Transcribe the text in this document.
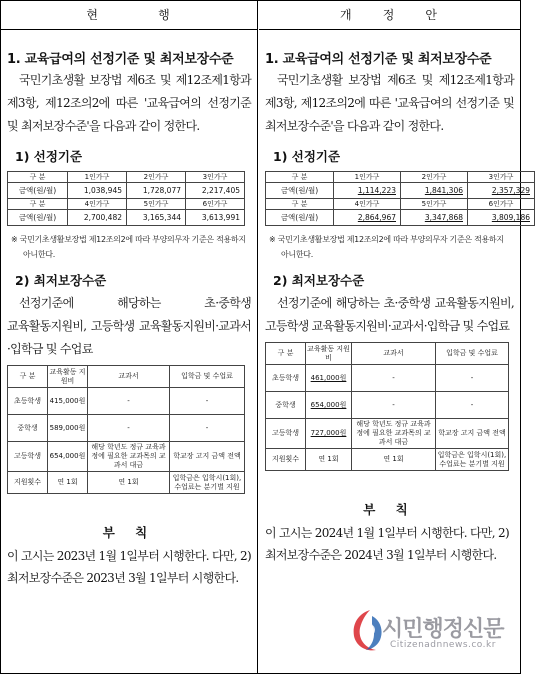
현          행
1. 교육급여의 선정기준 및 최저보장수준
국민기초생활 보장법 제6조 및 제12조제1항과 제3항, 제12조의2에 따른 '교육급여의 선정기준 및 최저보장수준'을 다음과 같이 정한다.
1) 선정기준
구 분	1인가구	2인가구	3인가구
금액(원/월)	1,038,945	1,728,077	2,217,405
구 분	4인가구	5인가구	6인가구
금액(원/월)	2,700,482	3,165,344	3,613,991
※ 국민기초생활보장법 제12조의2에 따라 부양의무자 기준은 적용하지 아니한다.
2) 최저보장수준
선정기준에 해당하는 초·중학생 교육활동지원비, 고등학생 교육활동지원비·교과서·입학금 및 수업료
구 분	교육활동 지원비	교과서	입학금 및 수업료
초등학생	415,000원	-	-
중학생	589,000원	-	-
고등학생	654,000원	해당 학년도 정규 교육과정에 필요한 교과목의 교과서 대금	학교장 고지 금액 전액
지원횟수	연 1회	연 1회	입학금은 입학시(1회), 수업료는 분기별 지원
부 칙
이 고시는 2023년 1월 1일부터 시행한다. 다만, 2) 최저보장수준은 2023년 3월 1일부터 시행한다.
개     정     안
1. 교육급여의 선정기준 및 최저보장수준
국민기초생활 보장법 제6조 및 제12조제1항과 제3항, 제12조의2에 따른 '교육급여의 선정기준 및 최저보장수준'을 다음과 같이 정한다.
1) 선정기준
구 분	1인가구	2인가구	3인가구
금액(원/월)	1,114,223	1,841,306	2,357,329
구 분	4인가구	5인가구	6인가구
금액(원/월)	2,864,967	3,347,868	3,809,186
※ 국민기초생활보장법 제12조의2에 따라 부양의무자 기준은 적용하지 아니한다.
2) 최저보장수준
선정기준에 해당하는 초·중학생 교육활동지원비, 고등학생 교육활동지원비·교과서·입학금 및 수업료
구 분	교육활동 지원비	교과서	입학금 및 수업료
초등학생	461,000원	-	-
중학생	654,000원	-	-
고등학생	727,000원	해당 학년도 정규 교육과정에 필요한 교과목의 교과서 대금	학교장 고지 금액 전액
지원횟수	연 1회	연 1회	입학금은 입학시(1회), 수업료는 분기별 지원
부 칙
이 고시는 2024년 1월 1일부터 시행한다. 다만, 2) 최저보장수준은 2024년 3월 1일부터 시행한다.
시민행정신문
Citizenadnnews.co.kr
